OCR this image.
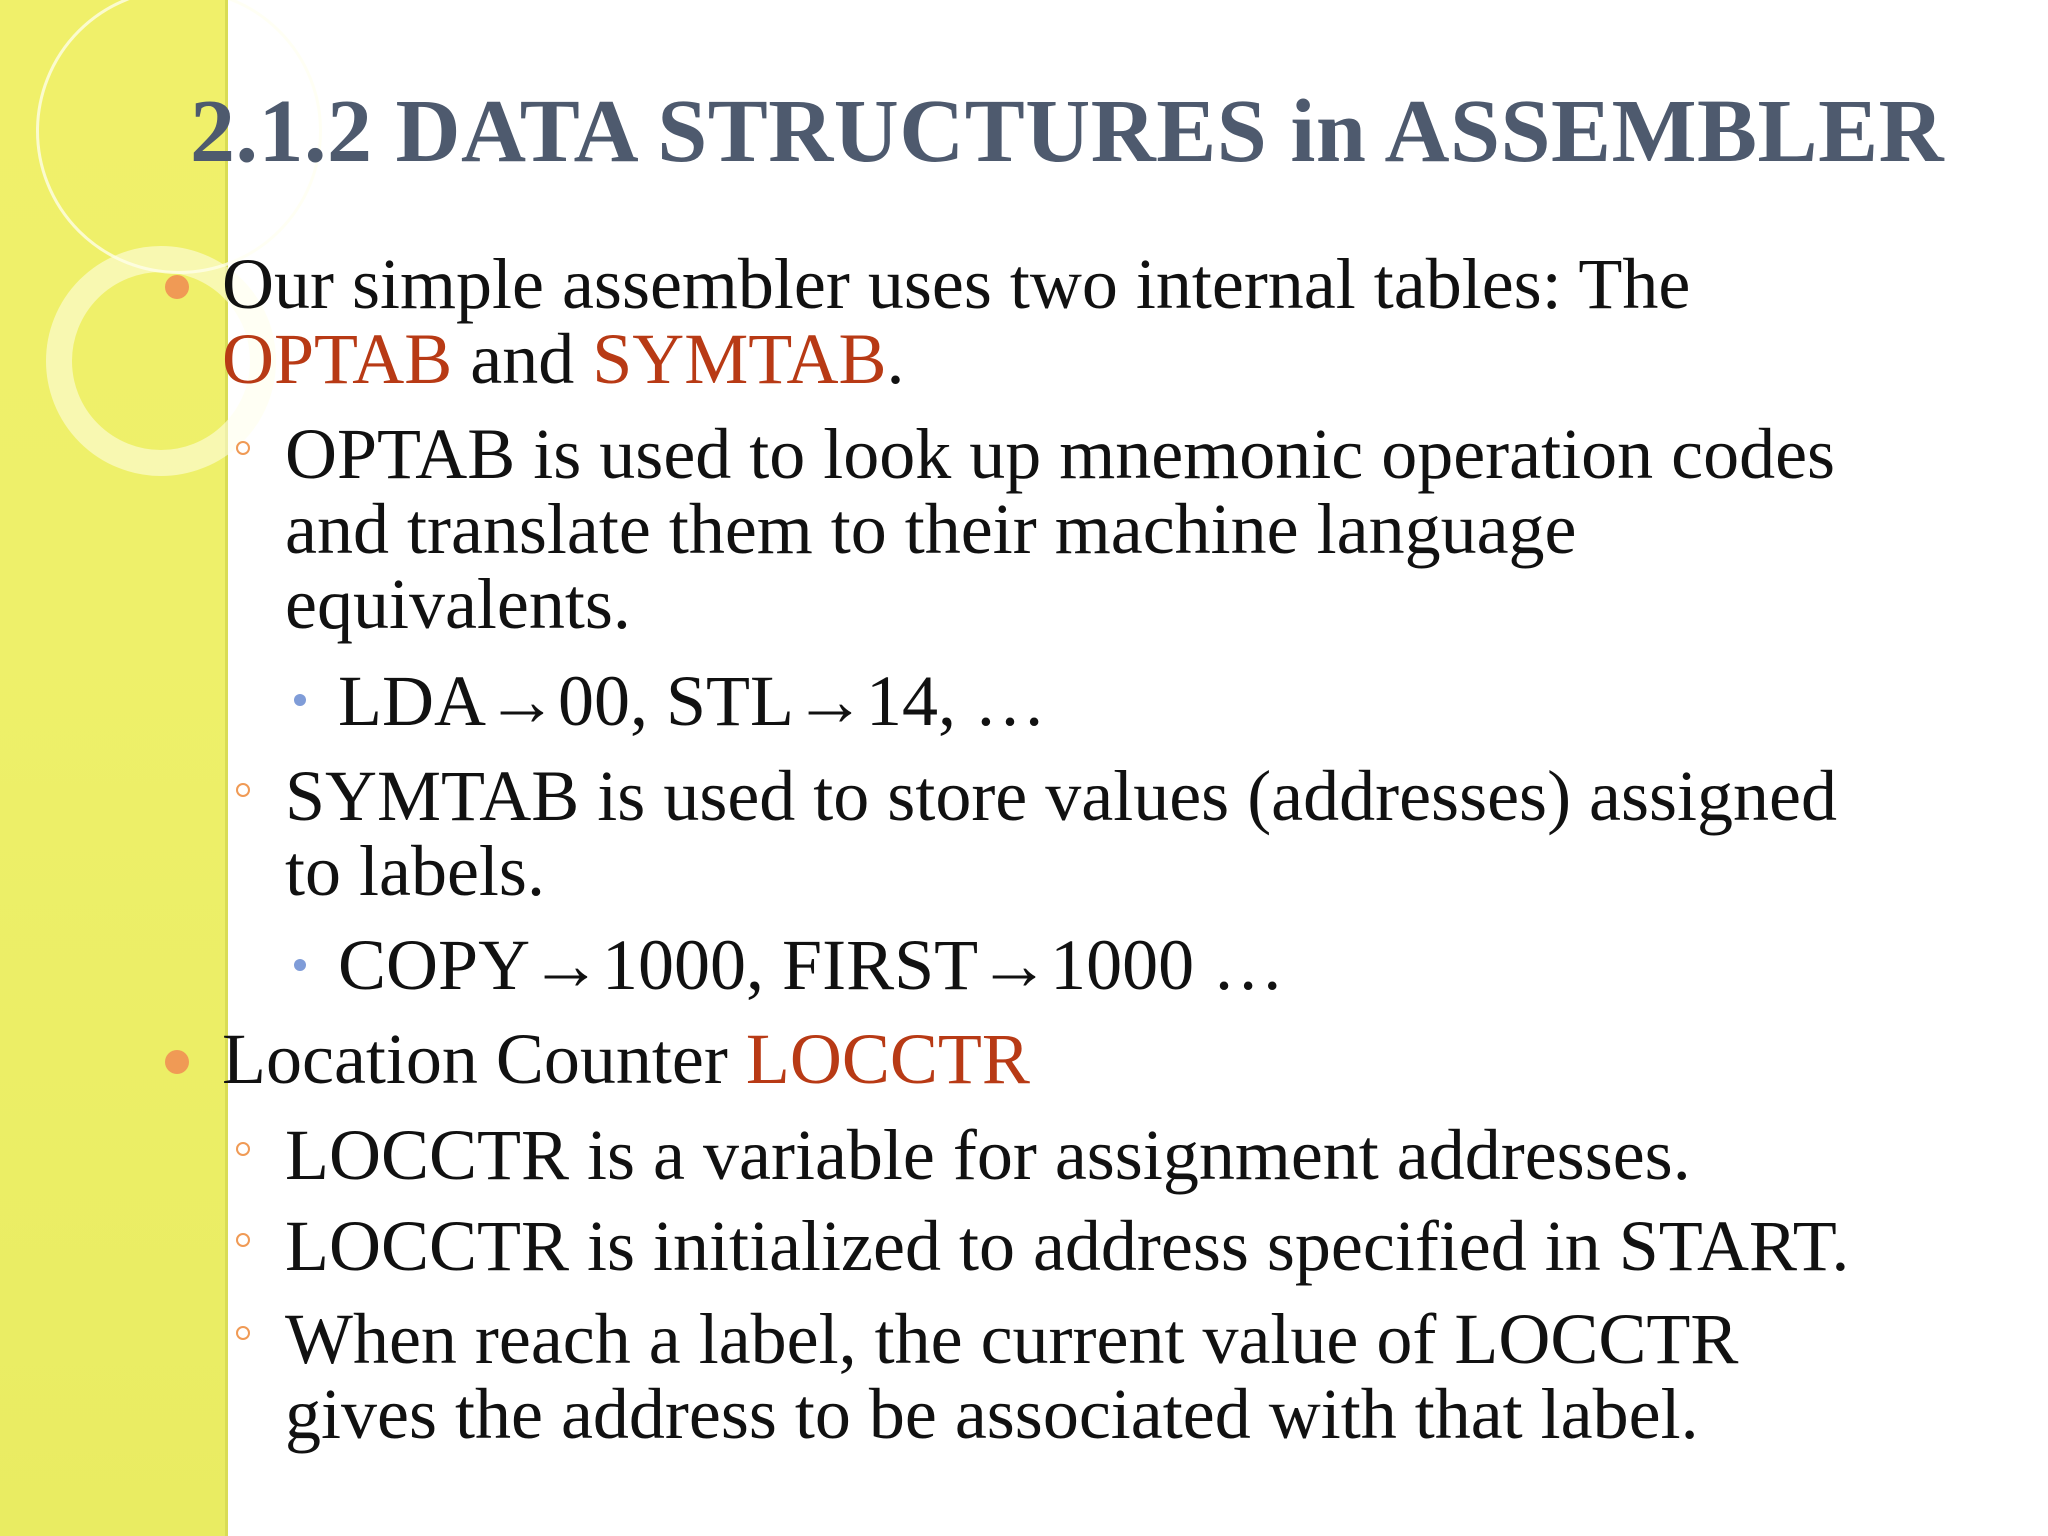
2.1.2 DATA STRUCTURES in ASSEMBLER
Our simple assembler uses two internal tables: The
OPTAB and SYMTAB.
OPTAB is used to look up mnemonic operation codes
and translate them to their machine language
equivalents.
LDA→00, STL→14, …
SYMTAB is used to store values (addresses) assigned
to labels.
COPY→1000, FIRST→1000 …
Location Counter LOCCTR
LOCCTR is a variable for assignment addresses.
LOCCTR is initialized to address specified in START.
When reach a label, the current value of LOCCTR
gives the address to be associated with that label.
